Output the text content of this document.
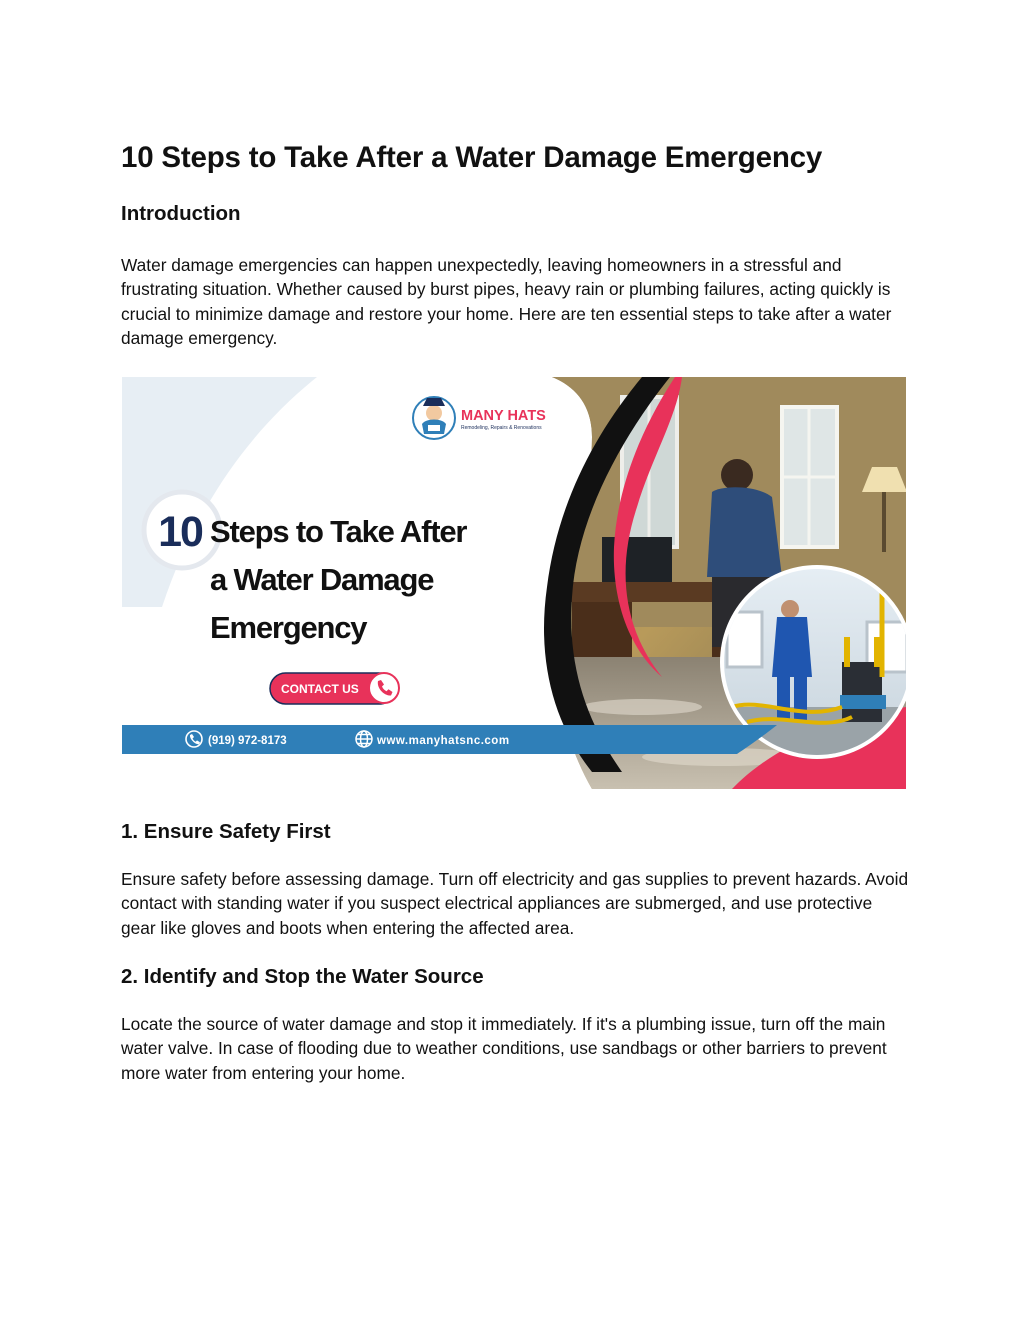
10 Steps to Take After a Water Damage Emergency
Introduction

Water damage emergencies can happen unexpectedly, leaving homeowners in a stressful and frustrating situation. Whether caused by burst pipes, heavy rain or plumbing failures, acting quickly is crucial to minimize damage and restore your home. Here are ten essential steps to take after a water damage emergency.

(919) 972-8173	www.manyhatsnc.com
MANY HATS
Remodeling, Repairs & Renovations
10 Steps to Take After
a Water Damage
Emergency
CONTACT US
1. Ensure Safety First

Ensure safety before assessing damage. Turn off electricity and gas supplies to prevent hazards. Avoid contact with standing water if you suspect electrical appliances are submerged, and use protective gear like gloves and boots when entering the affected area.

2. Identify and Stop the Water Source

Locate the source of water damage and stop it immediately. If it's a plumbing issue, turn off the main water valve. In case of flooding due to weather conditions, use sandbags or other barriers to prevent more water from entering your home.
